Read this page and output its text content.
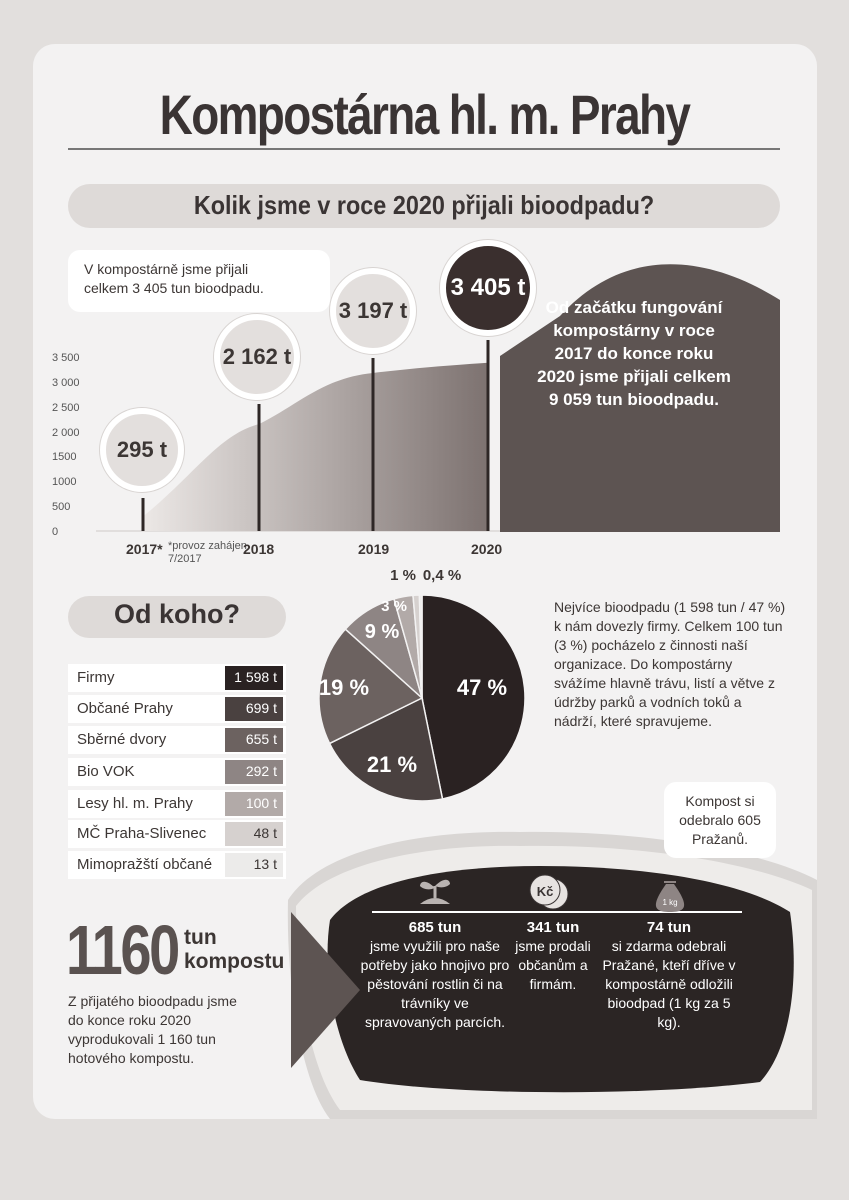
Kompostárna hl. m. Prahy
Kolik jsme v roce 2020 přijali bioodpadu?
V kompostárně jsme přijali celkem 3 405 tun bioodpadu.
3 500
3 000
2 500
2 000
1500
1000
500
0
295 t
2 162 t
3 197 t
3 405 t
2017* *provoz zahájen 7/2017
2018	2019	2020
Od začátku fungování kompostárny v roce 2017 do konce roku 2020 jsme přijali celkem 9 059 tun bioodpadu.
Od koho?
Firmy	1 598 t
Občané Prahy	699 t
Sběrné dvory	655 t
Bio VOK	292 t
Lesy hl. m. Prahy	100 t
MČ Praha-Slivenec	48 t
Mimopražští občané	13 t
47 %
21 %
19 %
9 %
3 %
1 % 0,4 %
Nejvíce bioodpadu (1 598 tun / 47 %) k nám dovezly firmy. Celkem 100 tun (3 %) pocházelo z činnosti naší organizace. Do kompostárny svážíme hlavně trávu, listí a větve z údržby parků a vodních toků a nádrží, které spravujeme.
Kompost si odebralo 605 Pražanů.
1160 tun
kompostu
Z přijatého bioodpadu jsme do konce roku 2020 vyprodukovali 1 160 tun hotového kompostu.
Kč
1 kg
685 tun
jsme využili pro naše potřeby jako hnojivo pro pěstování rostlin či na trávníky ve spravovaných parcích.
341 tun
jsme prodali občanům a firmám.
74 tun
si zdarma odebrali Pražané, kteří dříve v kompostárně odložili bioodpad (1 kg za 5 kg).
